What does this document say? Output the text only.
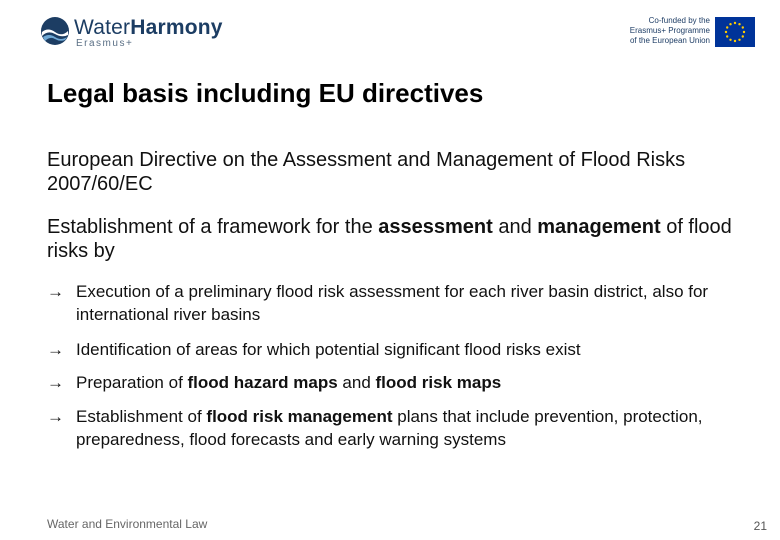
WaterHarmony
Erasmus+
Co-funded by the
Erasmus+ Programme
of the European Union
Legal basis including EU directives

European Directive on the Assessment and Management of Flood Risks 2007/60/EC

Establishment of a framework for the assessment and management of flood risks by

→ Execution of a preliminary flood risk assessment for each river basin district, also for international river basins
→ Identification of areas for which potential significant flood risks exist
→ Preparation of flood hazard maps and flood risk maps
→ Establishment of flood risk management plans that include prevention, protection, preparedness, flood forecasts and early warning systems
Water and Environmental Law	21
